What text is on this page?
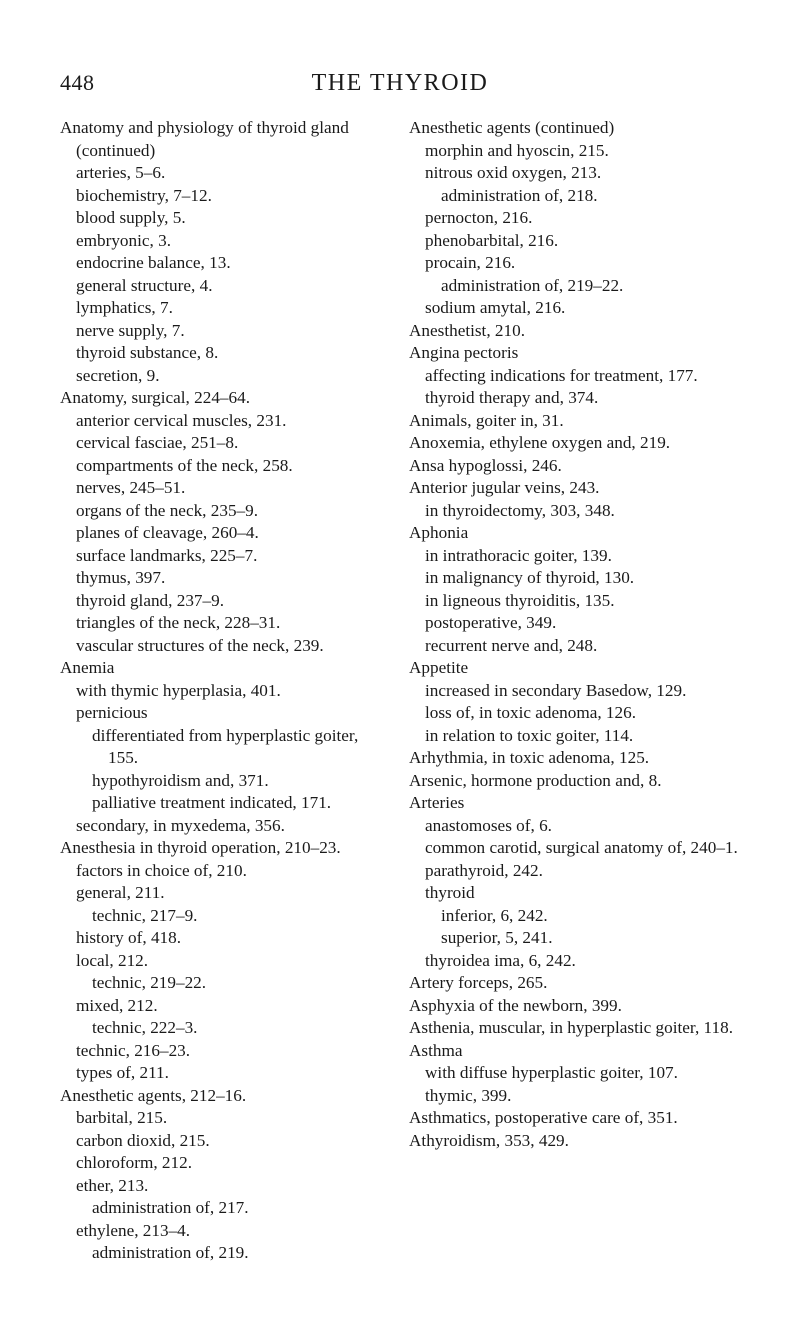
448	THE THYROID
Anatomy and physiology of thyroid gland (continued)
arteries, 5–6.
biochemistry, 7–12.
blood supply, 5.
embryonic, 3.
endocrine balance, 13.
general structure, 4.
lymphatics, 7.
nerve supply, 7.
thyroid substance, 8.
secretion, 9.
Anatomy, surgical, 224–64.
anterior cervical muscles, 231.
cervical fasciae, 251–8.
compartments of the neck, 258.
nerves, 245–51.
organs of the neck, 235–9.
planes of cleavage, 260–4.
surface landmarks, 225–7.
thymus, 397.
thyroid gland, 237–9.
triangles of the neck, 228–31.
vascular structures of the neck, 239.
Anemia
with thymic hyperplasia, 401.
pernicious
differentiated from hyperplastic goiter, 155.
hypothyroidism and, 371.
palliative treatment indicated, 171.
secondary, in myxedema, 356.
Anesthesia in thyroid operation, 210–23.
factors in choice of, 210.
general, 211.
technic, 217–9.
history of, 418.
local, 212.
technic, 219–22.
mixed, 212.
technic, 222–3.
technic, 216–23.
types of, 211.
Anesthetic agents, 212–16.
barbital, 215.
carbon dioxid, 215.
chloroform, 212.
ether, 213.
administration of, 217.
ethylene, 213–4.
administration of, 219.
Anesthetic agents (continued)
morphin and hyoscin, 215.
nitrous oxid oxygen, 213.
administration of, 218.
pernocton, 216.
phenobarbital, 216.
procain, 216.
administration of, 219–22.
sodium amytal, 216.
Anesthetist, 210.
Angina pectoris
affecting indications for treatment, 177.
thyroid therapy and, 374.
Animals, goiter in, 31.
Anoxemia, ethylene oxygen and, 219.
Ansa hypoglossi, 246.
Anterior jugular veins, 243.
in thyroidectomy, 303, 348.
Aphonia
in intrathoracic goiter, 139.
in malignancy of thyroid, 130.
in ligneous thyroiditis, 135.
postoperative, 349.
recurrent nerve and, 248.
Appetite
increased in secondary Basedow, 129.
loss of, in toxic adenoma, 126.
in relation to toxic goiter, 114.
Arhythmia, in toxic adenoma, 125.
Arsenic, hormone production and, 8.
Arteries
anastomoses of, 6.
common carotid, surgical anatomy of, 240–1.
parathyroid, 242.
thyroid
inferior, 6, 242.
superior, 5, 241.
thyroidea ima, 6, 242.
Artery forceps, 265.
Asphyxia of the newborn, 399.
Asthenia, muscular, in hyperplastic goiter, 118.
Asthma
with diffuse hyperplastic goiter, 107.
thymic, 399.
Asthmatics, postoperative care of, 351.
Athyroidism, 353, 429.
